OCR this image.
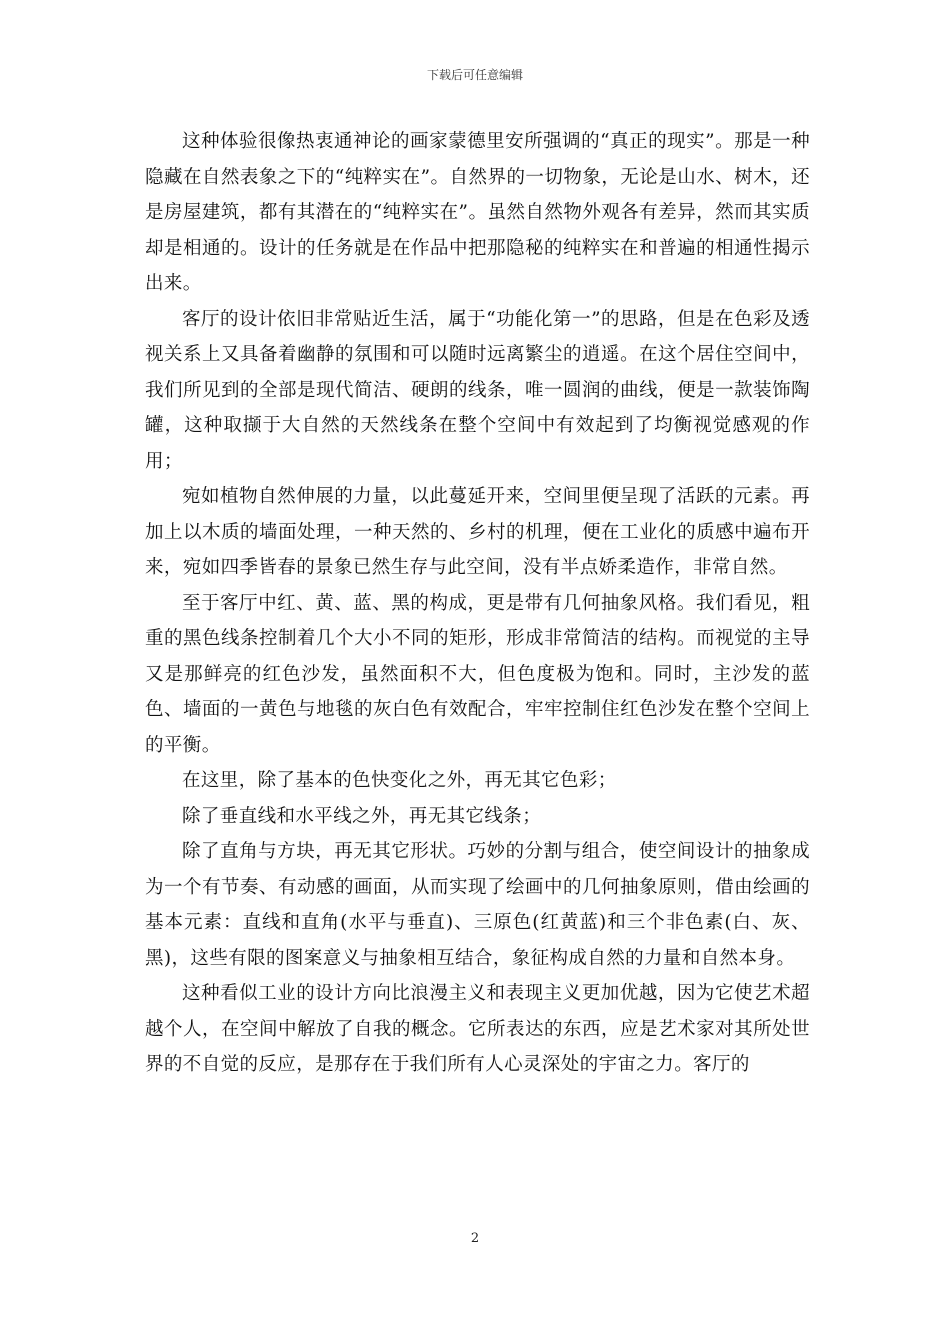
下载后可任意编辑

这种体验很像热衷通神论的画家蒙德里安所强调的“真正的现实”。那是一种隐藏在自然表象之下的“纯粹实在”。自然界的一切物象，无论是山水、树木，还是房屋建筑，都有其潜在的“纯粹实在”。虽然自然物外观各有差异，然而其实质却是相通的。设计的任务就是在作品中把那隐秘的纯粹实在和普遍的相通性揭示出来。

客厅的设计依旧非常贴近生活，属于“功能化第一”的思路，但是在色彩及透视关系上又具备着幽静的氛围和可以随时远离繁尘的逍遥。在这个居住空间中，我们所见到的全部是现代简洁、硬朗的线条，唯一圆润的曲线，便是一款装饰陶罐，这种取撷于大自然的天然线条在整个空间中有效起到了均衡视觉感观的作用；

宛如植物自然伸展的力量，以此蔓延开来，空间里便呈现了活跃的元素。再加上以木质的墙面处理，一种天然的、乡村的机理，便在工业化的质感中遍布开来，宛如四季皆春的景象已然生存与此空间，没有半点娇柔造作，非常自然。

至于客厅中红、黄、蓝、黑的构成，更是带有几何抽象风格。我们看见，粗重的黑色线条控制着几个大小不同的矩形，形成非常简洁的结构。而视觉的主导又是那鲜亮的红色沙发，虽然面积不大，但色度极为饱和。同时，主沙发的蓝色、墙面的一黄色与地毯的灰白色有效配合，牢牢控制住红色沙发在整个空间上的平衡。

在这里，除了基本的色快变化之外，再无其它色彩；

除了垂直线和水平线之外，再无其它线条；

除了直角与方块，再无其它形状。巧妙的分割与组合，使空间设计的抽象成为一个有节奏、有动感的画面，从而实现了绘画中的几何抽象原则，借由绘画的基本元素：直线和直角(水平与垂直)、三原色(红黄蓝)和三个非色素(白、灰、黑)，这些有限的图案意义与抽象相互结合，象征构成自然的力量和自然本身。

这种看似工业的设计方向比浪漫主义和表现主义更加优越，因为它使艺术超越个人，在空间中解放了自我的概念。它所表达的东西，应是艺术家对其所处世界的不自觉的反应，是那存在于我们所有人心灵深处的宇宙之力。客厅的

2
